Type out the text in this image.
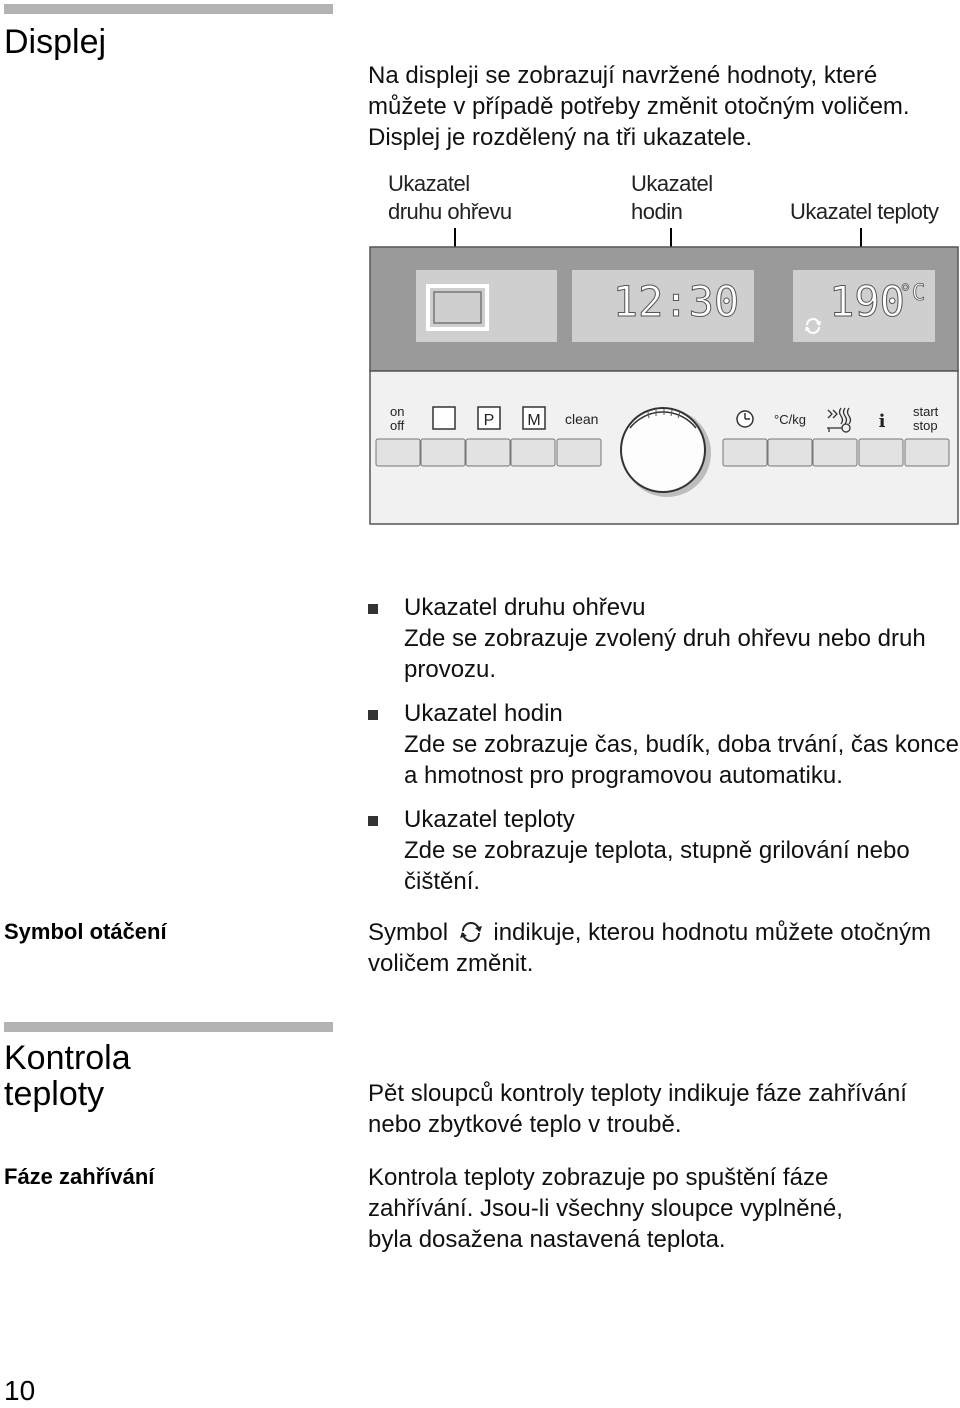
Displej

Na displeji se zobrazují navržené hodnoty, které můžete v případě potřeby změnit otočným voličem. Displej je rozdělený na tři ukazatele.

Ukazatel
druhu ohřevu
Ukazatel
hodin	Ukazatel teploty
12:30 190
°C
on
off	P M clean	°C/kg	i start
stop
Ukazatel druhu ohřevu
Zde se zobrazuje zvolený druh ohřevu nebo druh provozu.
Ukazatel hodin
Zde se zobrazuje čas, budík, doba trvání, čas konce a hmotnost pro programovou automatiku.
Ukazatel teploty
Zde se zobrazuje teplota, stupně grilování nebo čištění.
Symbol otáčení	Symbol indikuje, kterou hodnotu můžete otočným voličem změnit.

Kontrola
teploty	Pět sloupců kontroly teploty indikuje fáze zahřívání nebo zbytkové teplo v troubě.

Fáze zahřívání	Kontrola teploty zobrazuje po spuštění fáze zahřívání. Jsou-li všechny sloupce vyplněné, byla dosažena nastavená teplota.

10
